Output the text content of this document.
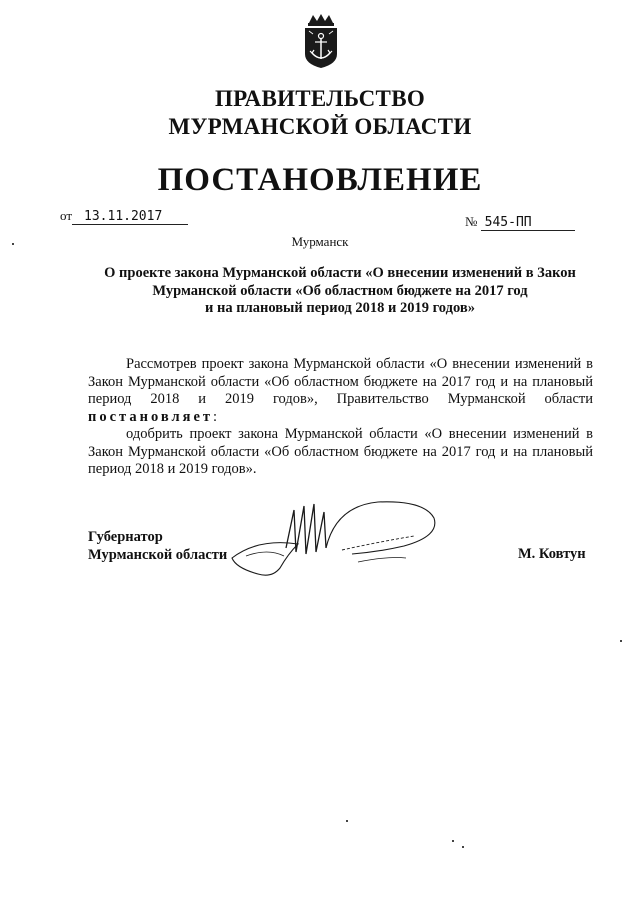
ПРАВИТЕЛЬСТВО
МУРМАНСКОЙ ОБЛАСТИ
ПОСТАНОВЛЕНИЕ
от 13.11.2017	№ 545-ПП
Мурманск
О проекте закона Мурманской области «О внесении изменений в Закон
Мурманской области «Об областном бюджете на 2017 год
и на плановый период 2018 и 2019 годов»
Рассмотрев проект закона Мурманской области «О внесении изменений в Закон Мурманской области «Об областном бюджете на 2017 год и на плановый период 2018 и 2019 годов», Правительство Мурманской области постановляет:
одобрить проект закона Мурманской области «О внесении изменений в Закон Мурманской области «Об областном бюджете на 2017 год и на плановый период 2018 и 2019 годов».
Губернатор
Мурманской области	М. Ковтун
